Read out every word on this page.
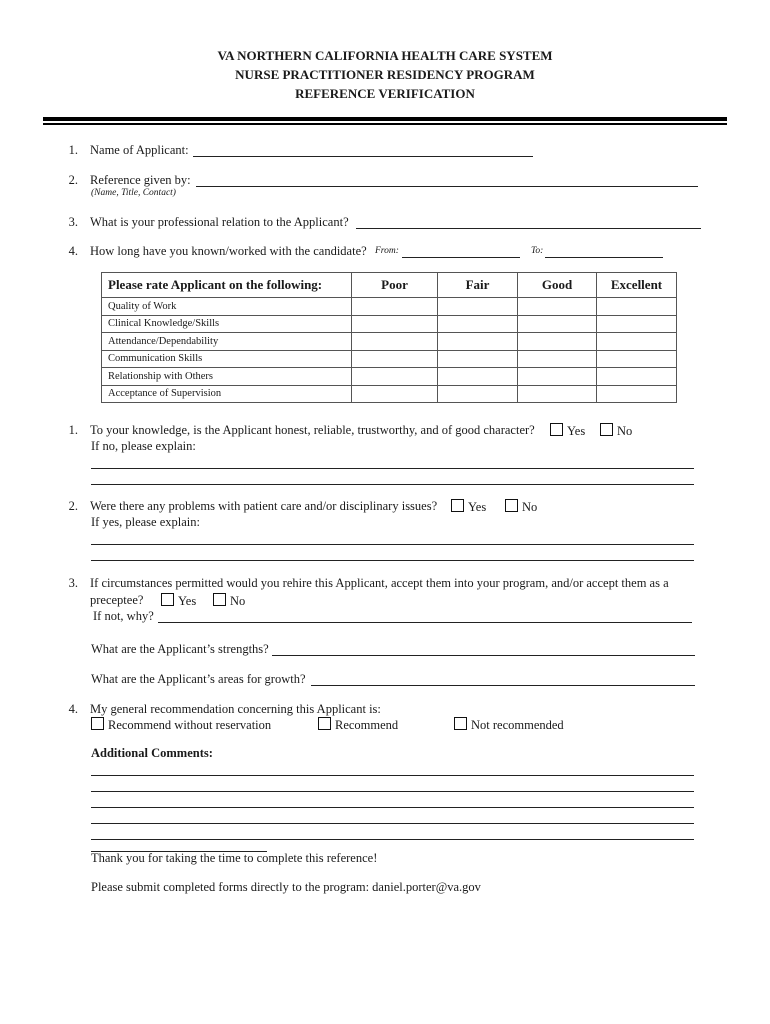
VA NORTHERN CALIFORNIA HEALTH CARE SYSTEM
NURSE PRACTITIONER RESIDENCY PROGRAM
REFERENCE VERIFICATION
1. Name of Applicant:
2. Reference given by:
(Name, Title, Contact)
3. What is your professional relation to the Applicant?
4. How long have you known/worked with the candidate? From:	To:
Please rate Applicant on the following:	Poor	Fair	Good	Excellent
Quality of Work				
Clinical Knowledge/Skills				
Attendance/Dependability				
Communication Skills				
Relationship with Others				
Acceptance of Supervision				
1. To your knowledge, is the Applicant honest, reliable, trustworthy, and of good character?	Yes	No
If no, please explain:
2. Were there any problems with patient care and/or disciplinary issues?	Yes	No
If yes, please explain:
3. If circumstances permitted would you rehire this Applicant, accept them into your program, and/or accept them as a
preceptee?	Yes	No
If not, why?
What are the Applicant’s strengths?
What are the Applicant’s areas for growth?
4. My general recommendation concerning this Applicant is:
Recommend without reservation	Recommend	Not recommended
Additional Comments:
Thank you for taking the time to complete this reference!
Please submit completed forms directly to the program: daniel.porter@va.gov
